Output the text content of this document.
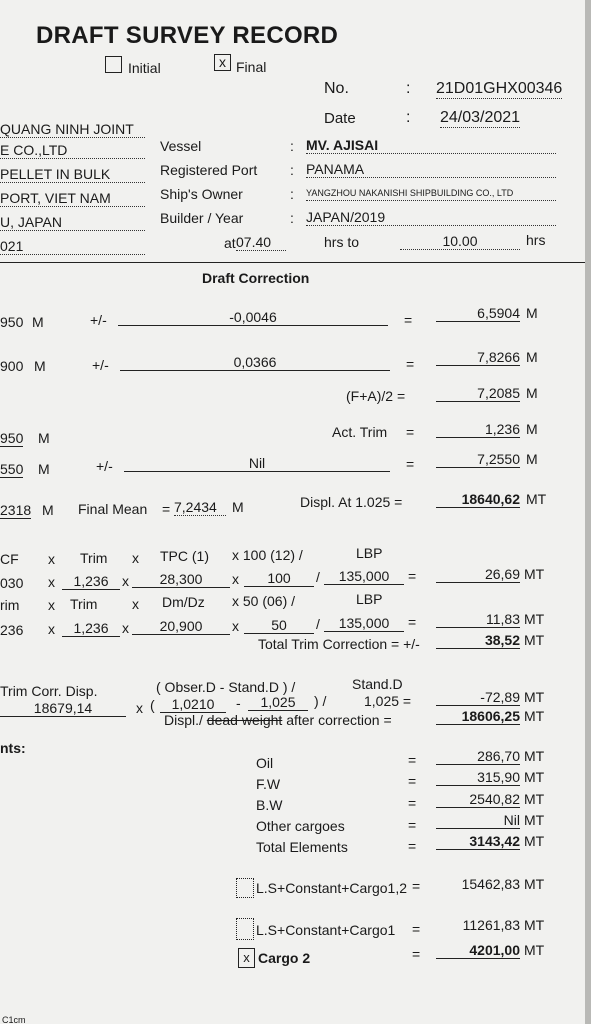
DRAFT SURVEY RECORD
Initial	x Final
No.	: 21D01GHX00346
Date	: 24/03/2021
QUANG NINH JOINT
E CO.,LTD
PELLET IN BULK
PORT, VIET NAM
U, JAPAN
021
Vessel	: MV. AJISAI
Registered Port : PANAMA
Ship's Owner	: YANGZHOU NAKANISHI SHIPBUILDING CO., LTD
Builder / Year	: JAPAN/2019
at 07.40	hrs to	10.00	hrs
Draft Correction
950 M	+/-	-0,0046	=	6,5904 M
900 M	+/-	0,0366	=	7,8266 M
(F+A)/2 =	7,2085 M
950 M	Act. Trim =	1,236 M
550 M	+/-	Nil	=	7,2550 M
2318 M Final Mean = 7,2434	M	Displ. At 1.025 =	18640,62 MT
CF x Trim x TPC (1) x 100 (12) /	LBP
030 x	1,236 x	28,300	x	100	/	135,000	=	26,69 MT
rim x Trim x Dm/Dz x 50 (06) /	LBP
236 x	1,236 x	20,900	x	50	/	135,000	=	11,83 MT
Total Trim Correction = +/-	38,52 MT
Trim Corr. Disp.
18679,14	x
( Obser.D - Stand.D ) /	Stand.D
(	1,0210	-	1,025	) /	1,025 =	-72,89 MT
Displ./ dead weight after correction =	18606,25 MT
nts:
Oil	=	286,70 MT
F.W	=	315,90 MT
B.W	=	2540,82 MT
Other cargoes	=	Nil MT
Total Elements	=	3143,42 MT
L.S+Constant+Cargo1,2 =	15462,83 MT
L.S+Constant+Cargo1 =	11261,83 MT
x Cargo 2	=	4201,00 MT
C1cm
